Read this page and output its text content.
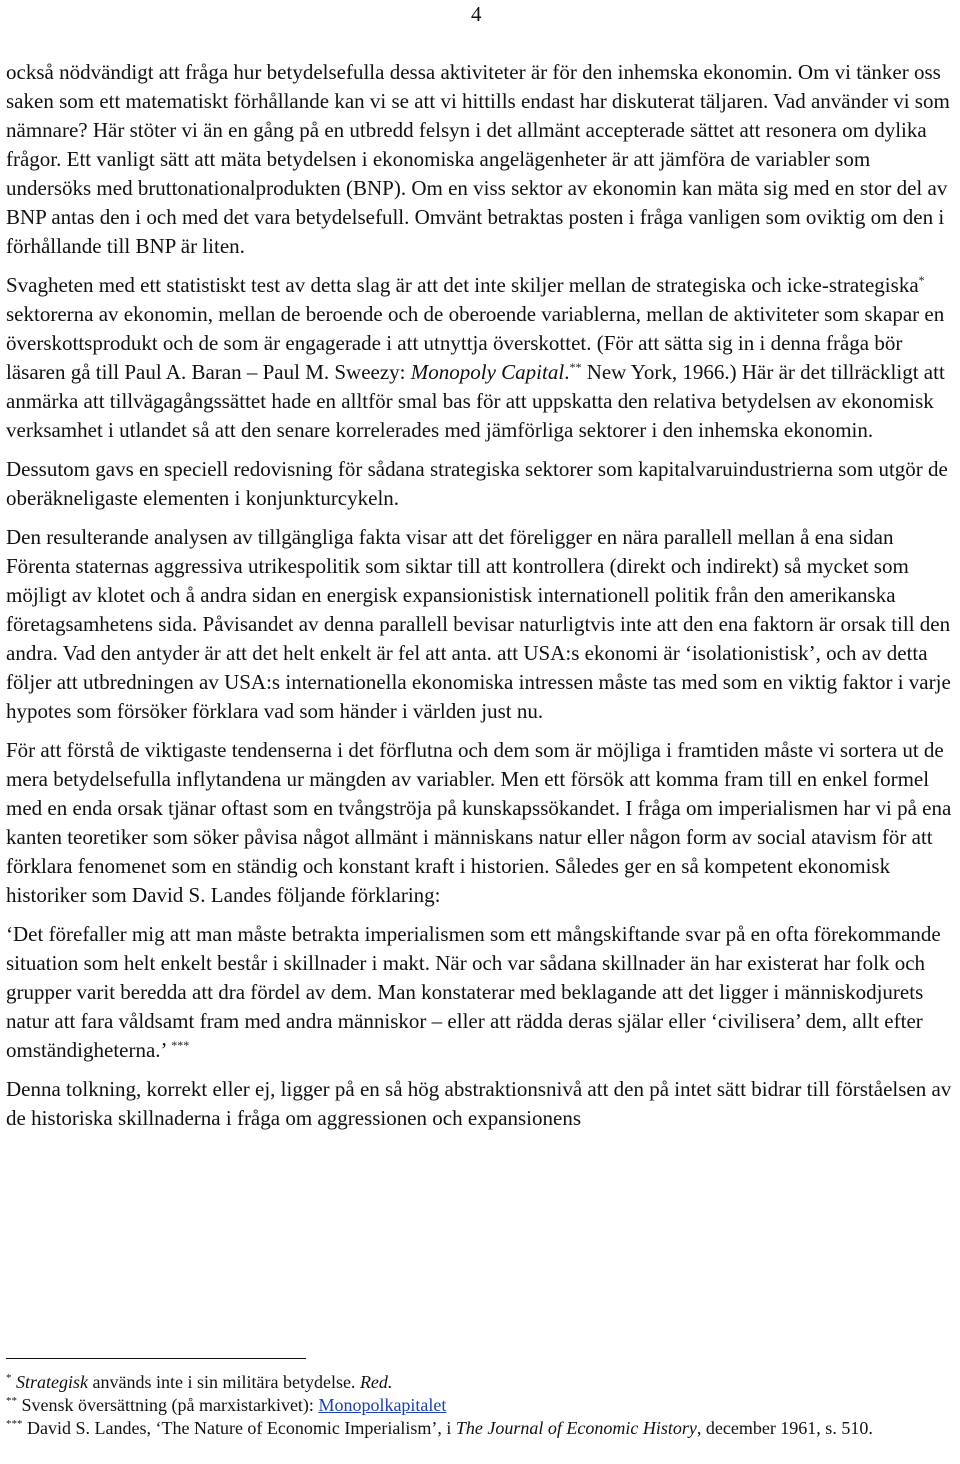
4

också nödvändigt att fråga hur betydelsefulla dessa aktiviteter är för den inhemska ekonomin. Om vi tänker oss saken som ett matematiskt förhållande kan vi se att vi hittills endast har diskuterat täljaren. Vad använder vi som nämnare? Här stöter vi än en gång på en utbredd felsyn i det allmänt accepterade sättet att resonera om dylika frågor. Ett vanligt sätt att mäta betydelsen i ekonomiska angelägenheter är att jämföra de variabler som undersöks med bruttonationalprodukten (BNP). Om en viss sektor av ekonomin kan mäta sig med en stor del av BNP antas den i och med det vara betydelsefull. Omvänt betraktas posten i fråga vanligen som oviktig om den i förhållande till BNP är liten.

Svagheten med ett statistiskt test av detta slag är att det inte skiljer mellan de strategiska och icke-strategiska* sektorerna av ekonomin, mellan de beroende och de oberoende variablerna, mellan de aktiviteter som skapar en överskottsprodukt och de som är engagerade i att utnyttja överskottet. (För att sätta sig in i denna fråga bör läsaren gå till Paul A. Baran – Paul M. Sweezy: Monopoly Capital.** New York, 1966.) Här är det tillräckligt att anmärka att tillvägagångssättet hade en alltför smal bas för att uppskatta den relativa betydelsen av ekonomisk verksamhet i utlandet så att den senare korrelerades med jämförliga sektorer i den inhemska ekonomin.

Dessutom gavs en speciell redovisning för sådana strategiska sektorer som kapitalvaruindustrierna som utgör de oberäkneligaste elementen i konjunkturcykeln.

Den resulterande analysen av tillgängliga fakta visar att det föreligger en nära parallell mellan å ena sidan Förenta staternas aggressiva utrikespolitik som siktar till att kontrollera (direkt och indirekt) så mycket som möjligt av klotet och å andra sidan en energisk expansionistisk internationell politik från den amerikanska företagsamhetens sida. Påvisandet av denna parallell bevisar naturligtvis inte att den ena faktorn är orsak till den andra. Vad den antyder är att det helt enkelt är fel att anta. att USA:s ekonomi är ‘isolationistisk’, och av detta följer att utbredningen av USA:s internationella ekonomiska intressen måste tas med som en viktig faktor i varje hypotes som försöker förklara vad som händer i världen just nu.

För att förstå de viktigaste tendenserna i det förflutna och dem som är möjliga i framtiden måste vi sortera ut de mera betydelsefulla inflytandena ur mängden av variabler. Men ett försök att komma fram till en enkel formel med en enda orsak tjänar oftast som en tvångströja på kunskapssökandet. I fråga om imperialismen har vi på ena kanten teoretiker som söker påvisa något allmänt i människans natur eller någon form av social atavism för att förklara fenomenet som en ständig och konstant kraft i historien. Således ger en så kompetent ekonomisk historiker som David S. Landes följande förklaring:

‘Det förefaller mig att man måste betrakta imperialismen som ett mångskiftande svar på en ofta förekommande situation som helt enkelt består i skillnader i makt. När och var sådana skillnader än har existerat har folk och grupper varit beredda att dra fördel av dem. Man konstaterar med beklagande att det ligger i människodjurets natur att fara våldsamt fram med andra människor – eller att rädda deras själar eller ‘civilisera’ dem, allt efter omständigheterna.’ ***

Denna tolkning, korrekt eller ej, ligger på en så hög abstraktionsnivå att den på intet sätt bidrar till förståelsen av de historiska skillnaderna i fråga om aggressionen och expansionens

* Strategisk används inte i sin militära betydelse. Red.

** Svensk översättning (på marxistarkivet): Monopolkapitalet

*** David S. Landes, ‘The Nature of Economic Imperialism’, i The Journal of Economic History, december 1961, s. 510.
